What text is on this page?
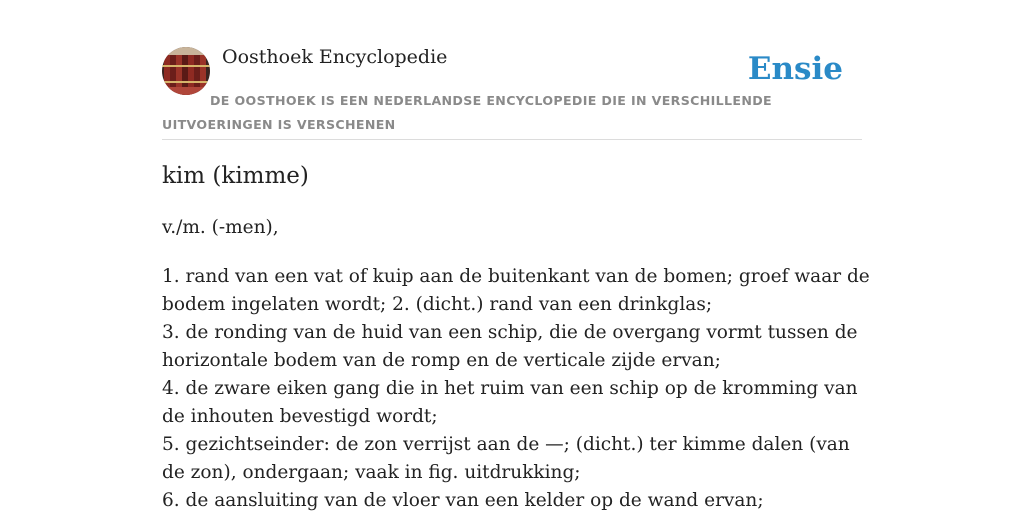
Oosthoek Encyclopedie	Ensie
DE OOSTHOEK IS EEN NEDERLANDSE ENCYCLOPEDIE DIE IN VERSCHILLENDE UITVOERINGEN IS VERSCHENEN
kim (kimme)
v./m. (-men),
1. rand van een vat of kuip aan de buitenkant van de bomen; groef waar de bodem ingelaten wordt; 2. (dicht.) rand van een drinkglas;
3. de ronding van de huid van een schip, die de overgang vormt tussen de horizontale bodem van de romp en de verticale zijde ervan;
4. de zware eiken gang die in het ruim van een schip op de kromming van de inhouten bevestigd wordt;
5. gezichtseinder: de zon verrijst aan de —; (dicht.) ter kimme dalen (van de zon), ondergaan; vaak in fig. uitdrukking;
6. de aansluiting van de vloer van een kelder op de wand ervan;
